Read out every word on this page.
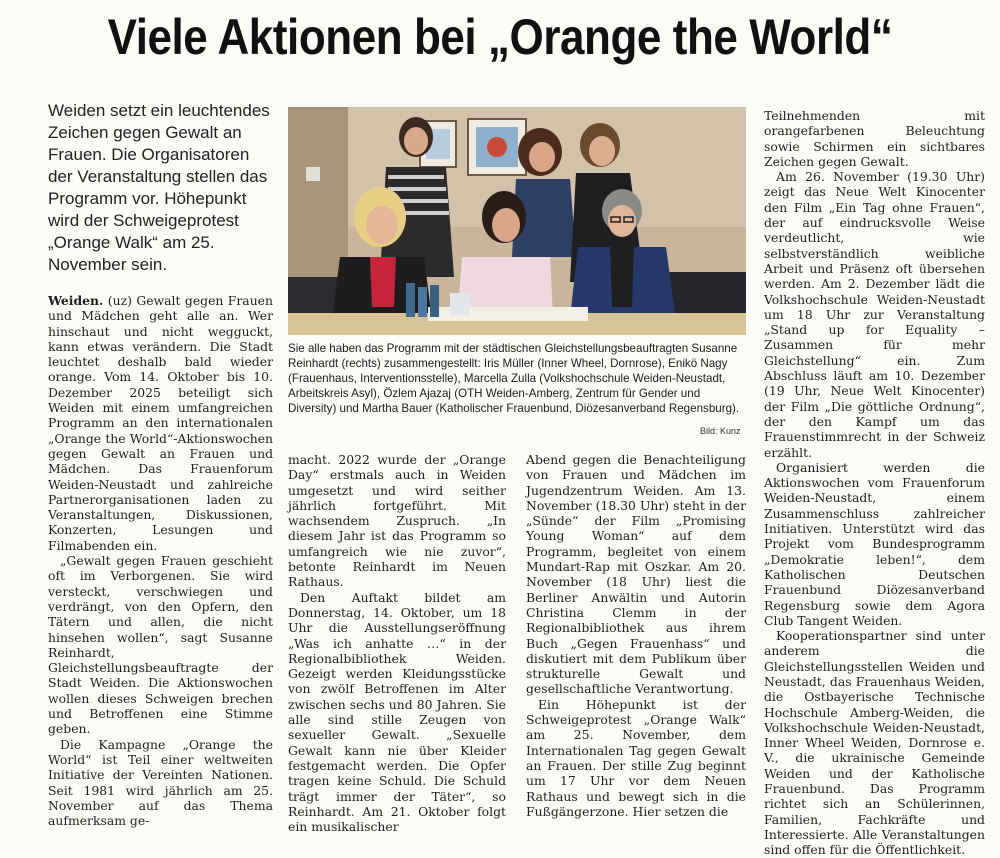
Viele Aktionen bei „Orange the World“
Weiden setzt ein leuchtendes Zeichen gegen Gewalt an Frauen. Die Organisatoren der Veranstaltung stellen das Programm vor. Höhepunkt wird der Schweigeprotest „Orange Walk“ am 25. November sein.
Sie alle haben das Programm mit der städtischen Gleichstellungsbeauftragten Susanne Reinhardt (rechts) zusammengestellt: Iris Müller (Inner Wheel, Dornrose), Enikö Nagy (Frauenhaus, Interventionsstelle), Marcella Zulla (Volkshochschule Weiden-Neustadt, Arbeitskreis Asyl), Özlem Ajazaj (OTH Weiden-Amberg, Zentrum für Gender und Diversity) und Martha Bauer (Katholischer Frauenbund, Diözesanverband Regensburg).
Bild: Kunz

Weiden. (uz) Gewalt gegen Frauen und Mädchen geht alle an. Wer hinschaut und nicht wegguckt, kann etwas verändern. Die Stadt leuchtet deshalb bald wieder orange. Vom 14. Oktober bis 10. Dezember 2025 beteiligt sich Weiden mit einem umfangreichen Programm an den internationalen „Orange the World“-Aktionswochen gegen Gewalt an Frauen und Mädchen. Das Frauenforum Weiden-Neustadt und zahlreiche Partnerorganisationen laden zu Veranstaltungen, Diskussionen, Konzerten, Lesungen und Filmabenden ein.

„Gewalt gegen Frauen geschieht oft im Verborgenen. Sie wird versteckt, verschwiegen und verdrängt, von den Opfern, den Tätern und allen, die nicht hinsehen wollen“, sagt Susanne Reinhardt, Gleichstellungsbeauftragte der Stadt Weiden. Die Aktionswochen wollen dieses Schweigen brechen und Betroffenen eine Stimme geben.

Die Kampagne „Orange the World“ ist Teil einer weltweiten Initiative der Vereinten Nationen. Seit 1981 wird jährlich am 25. November auf das Thema aufmerksam ge-

macht. 2022 wurde der „Orange Day“ erstmals auch in Weiden umgesetzt und wird seither jährlich fortgeführt. Mit wachsendem Zuspruch. „In diesem Jahr ist das Programm so umfangreich wie nie zuvor“, betonte Reinhardt im Neuen Rathaus.

Den Auftakt bildet am Donnerstag, 14. Oktober, um 18 Uhr die Ausstellungseröffnung „Was ich anhatte …“ in der Regionalbibliothek Weiden. Gezeigt werden Kleidungsstücke von zwölf Betroffenen im Alter zwischen sechs und 80 Jahren. Sie alle sind stille Zeugen von sexueller Gewalt. „Sexuelle Gewalt kann nie über Kleider festgemacht werden. Die Opfer tragen keine Schuld. Die Schuld trägt immer der Täter“, so Reinhardt. Am 21. Oktober folgt ein musikalischer

Abend gegen die Benachteiligung von Frauen und Mädchen im Jugendzentrum Weiden. Am 13. November (18.30 Uhr) steht in der „Sünde“ der Film „Promising Young Woman“ auf dem Programm, begleitet von einem Mundart-Rap mit Oszkar. Am 20. November (18 Uhr) liest die Berliner Anwältin und Autorin Christina Clemm in der Regionalbibliothek aus ihrem Buch „Gegen Frauenhass“ und diskutiert mit dem Publikum über strukturelle Gewalt und gesellschaftliche Verantwortung.

Ein Höhepunkt ist der Schweigeprotest „Orange Walk“ am 25. November, dem Internationalen Tag gegen Gewalt an Frauen. Der stille Zug beginnt um 17 Uhr vor dem Neuen Rathaus und bewegt sich in die Fußgängerzone. Hier setzen die

Teilnehmenden mit orangefarbenen Beleuchtung sowie Schirmen ein sichtbares Zeichen gegen Gewalt.

Am 26. November (19.30 Uhr) zeigt das Neue Welt Kinocenter den Film „Ein Tag ohne Frauen“, der auf eindrucksvolle Weise verdeutlicht, wie selbstverständlich weibliche Arbeit und Präsenz oft übersehen werden. Am 2. Dezember lädt die Volkshochschule Weiden-Neustadt um 18 Uhr zur Veranstaltung „Stand up for Equality – Zusammen für mehr Gleichstellung“ ein. Zum Abschluss läuft am 10. Dezember (19 Uhr, Neue Welt Kinocenter) der Film „Die göttliche Ordnung“, der den Kampf um das Frauenstimmrecht in der Schweiz erzählt.

Organisiert werden die Aktionswochen vom Frauenforum Weiden-Neustadt, einem Zusammenschluss zahlreicher Initiativen. Unterstützt wird das Projekt vom Bundesprogramm „Demokratie leben!“, dem Katholischen Deutschen Frauenbund Diözesanverband Regensburg sowie dem Agora Club Tangent Weiden.

Kooperationspartner sind unter anderem die Gleichstellungsstellen Weiden und Neustadt, das Frauenhaus Weiden, die Ostbayerische Technische Hochschule Amberg-Weiden, die Volkshochschule Weiden-Neustadt, Inner Wheel Weiden, Dornrose e. V., die ukrainische Gemeinde Weiden und der Katholische Frauenbund. Das Programm richtet sich an Schülerinnen, Familien, Fachkräfte und Interessierte. Alle Veranstaltungen sind offen für die Öffentlichkeit.
